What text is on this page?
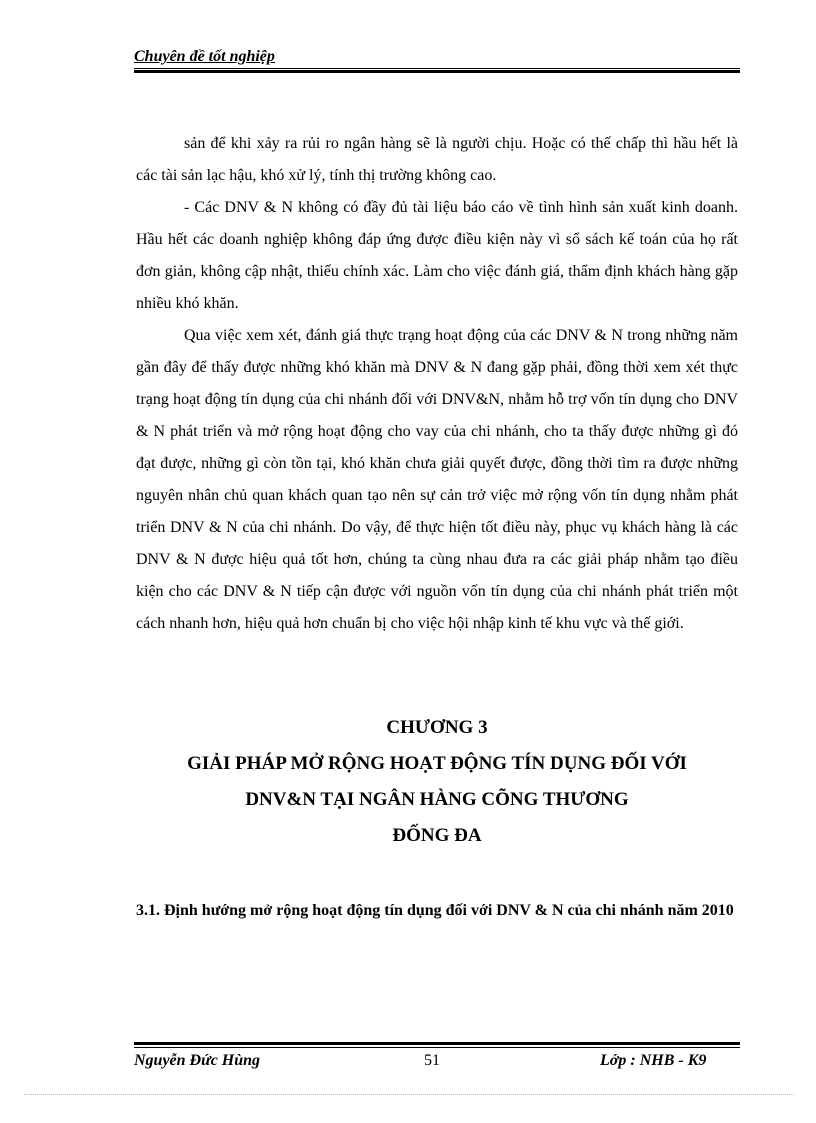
Chuyên đề tốt nghiệp

sản để khi xảy ra rủi ro ngân hàng sẽ là người chịu. Hoặc có thế chấp thì hầu hết là các tài sản lạc hậu, khó xử lý, tính thị trường không cao.

- Các DNV & N không có đầy đủ tài liệu báo cáo về tình hình sản xuất kinh doanh. Hầu hết các doanh nghiệp không đáp ứng được điều kiện này vì sổ sách kế toán của họ rất đơn giản, không cập nhật, thiếu chính xác. Làm cho việc đánh giá, thẩm định khách hàng gặp nhiều khó khăn.

Qua việc xem xét, đánh giá thực trạng hoạt động của các DNV & N trong những năm gần đây để thấy được những khó khăn mà DNV & N đang gặp phải, đồng thời xem xét thực trạng hoạt động tín dụng của chi nhánh đối với DNV&N, nhằm hỗ trợ vốn tín dụng cho DNV & N phát triển và mở rộng hoạt động cho vay của chi nhánh, cho ta thấy được những gì đó đạt được, những gì còn tồn tại, khó khăn chưa giải quyết được, đồng thời tìm ra được những nguyên nhân chủ quan khách quan tạo nên sự cản trở việc mở rộng vốn tín dụng nhằm phát triển DNV & N của chi nhánh. Do vậy, để thực hiện tốt điều này, phục vụ khách hàng là các DNV & N được hiệu quả tốt hơn, chúng ta cùng nhau đưa ra các giải pháp nhằm tạo điều kiện cho các DNV & N tiếp cận được với nguồn vốn tín dụng của chi nhánh phát triển một cách nhanh hơn, hiệu quả hơn chuẩn bị cho việc hội nhập kinh tế khu vực và thế giới.

CHƯƠNG 3
GIẢI PHÁP MỞ RỘNG HOẠT ĐỘNG TÍN DỤNG ĐỐI VỚI
DNV&N TẠI NGÂN HÀNG CÕNG THƯƠNG
ĐỐNG ĐA
3.1. Định hướng mở rộng hoạt động tín dụng đối với DNV & N của chi nhánh năm 2010
Nguyễn Đức Hùng	51	Lớp : NHB - K9
